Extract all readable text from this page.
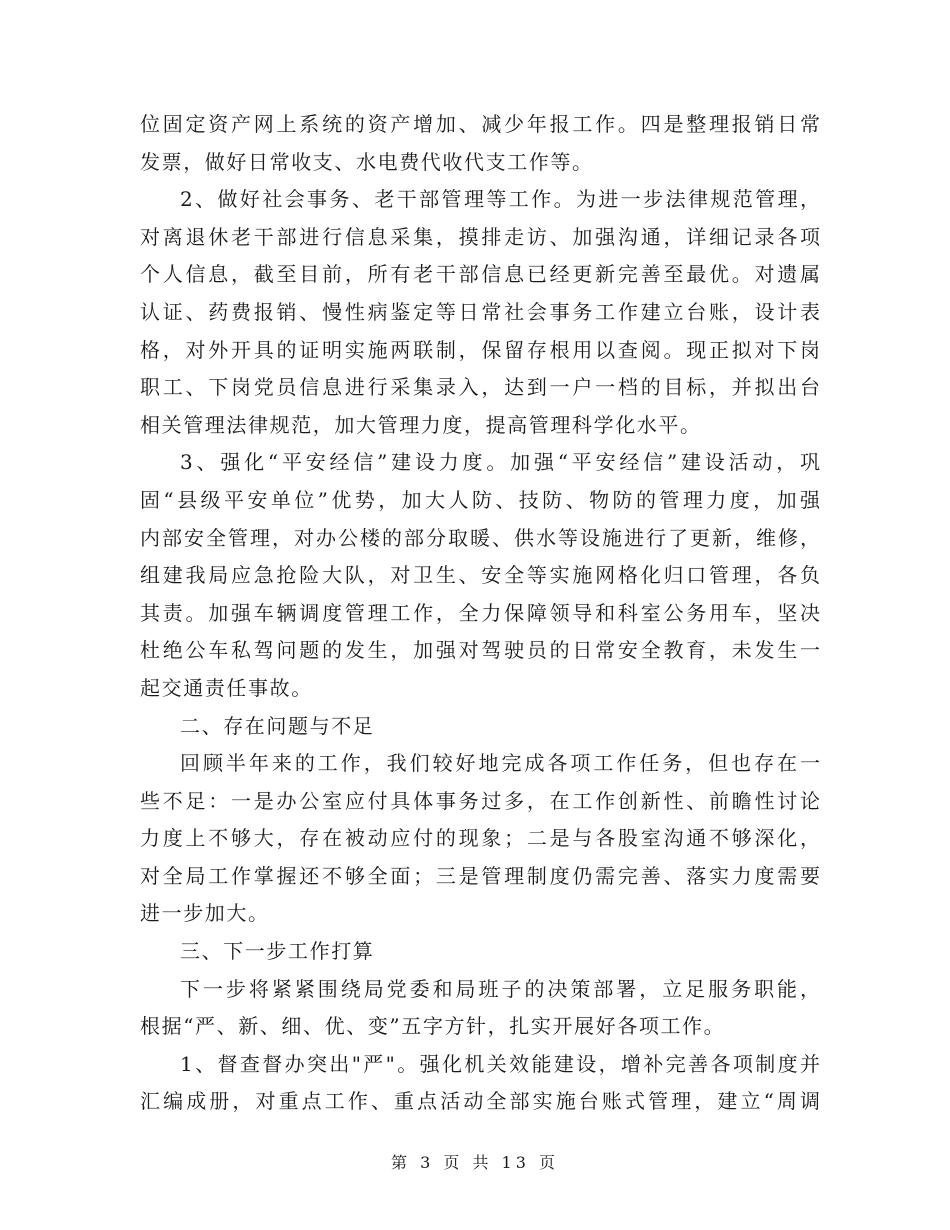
位固定资产网上系统的资产增加、减少年报工作。四是整理报销日常
发票，做好日常收支、水电费代收代支工作等。
2、做好社会事务、老干部管理等工作。为进一步法律规范管理，
对离退休老干部进行信息采集，摸排走访、加强沟通，详细记录各项
个人信息，截至目前，所有老干部信息已经更新完善至最优。对遗属
认证、药费报销、慢性病鉴定等日常社会事务工作建立台账，设计表
格，对外开具的证明实施两联制，保留存根用以查阅。现正拟对下岗
职工、下岗党员信息进行采集录入，达到一户一档的目标，并拟出台
相关管理法律规范，加大管理力度，提高管理科学化水平。
3、强化“平安经信”建设力度。加强“平安经信”建设活动，巩
固“县级平安单位”优势，加大人防、技防、物防的管理力度，加强
内部安全管理，对办公楼的部分取暖、供水等设施进行了更新，维修，
组建我局应急抢险大队，对卫生、安全等实施网格化归口管理，各负
其责。加强车辆调度管理工作，全力保障领导和科室公务用车，坚决
杜绝公车私驾问题的发生，加强对驾驶员的日常安全教育，未发生一
起交通责任事故。
二、存在问题与不足
回顾半年来的工作，我们较好地完成各项工作任务，但也存在一
些不足：一是办公室应付具体事务过多，在工作创新性、前瞻性讨论
力度上不够大，存在被动应付的现象；二是与各股室沟通不够深化，
对全局工作掌握还不够全面；三是管理制度仍需完善、落实力度需要
进一步加大。
三、下一步工作打算
下一步将紧紧围绕局党委和局班子的决策部署，立足服务职能，
根据“严、新、细、优、变”五字方针，扎实开展好各项工作。
1、督查督办突出"严"。强化机关效能建设，增补完善各项制度并
汇编成册，对重点工作、重点活动全部实施台账式管理，建立“周调
第 3 页 共 13 页
